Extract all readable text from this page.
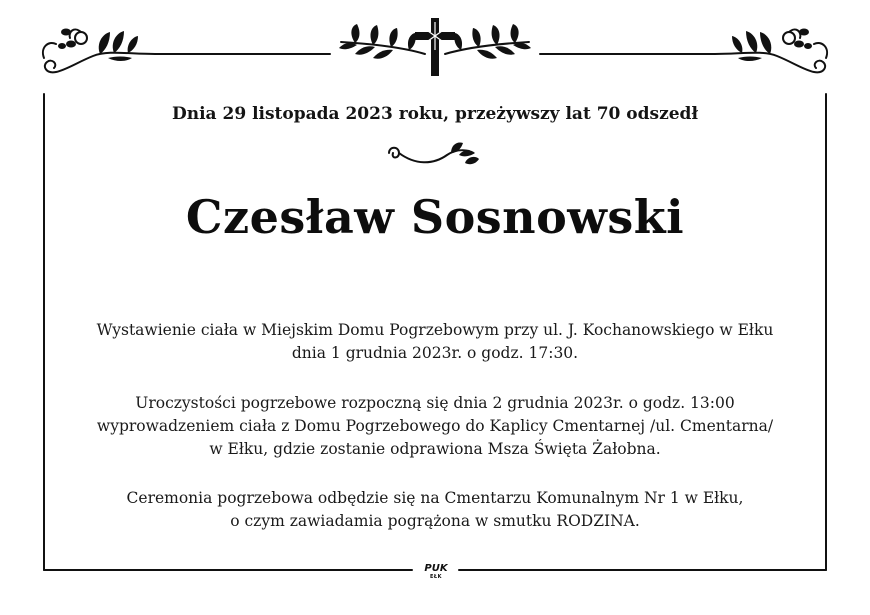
Dnia 29 listopada 2023 roku, przeżywszy lat 70 odszedł
Czesław Sosnowski
Wystawienie ciała w Miejskim Domu Pogrzebowym przy ul. J. Kochanowskiego w Ełku
dnia 1 grudnia 2023r. o godz. 17:30.
Uroczystości pogrzebowe rozpoczną się dnia 2 grudnia 2023r. o godz. 13:00
wyprowadzeniem ciała z Domu Pogrzebowego do Kaplicy Cmentarnej /ul. Cmentarna/
w Ełku, gdzie zostanie odprawiona Msza Święta Żałobna.
Ceremonia pogrzebowa odbędzie się na Cmentarzu Komunalnym Nr 1 w Ełku,
o czym zawiadamia pogrążona w smutku RODZINA.
PUK
EŁK
